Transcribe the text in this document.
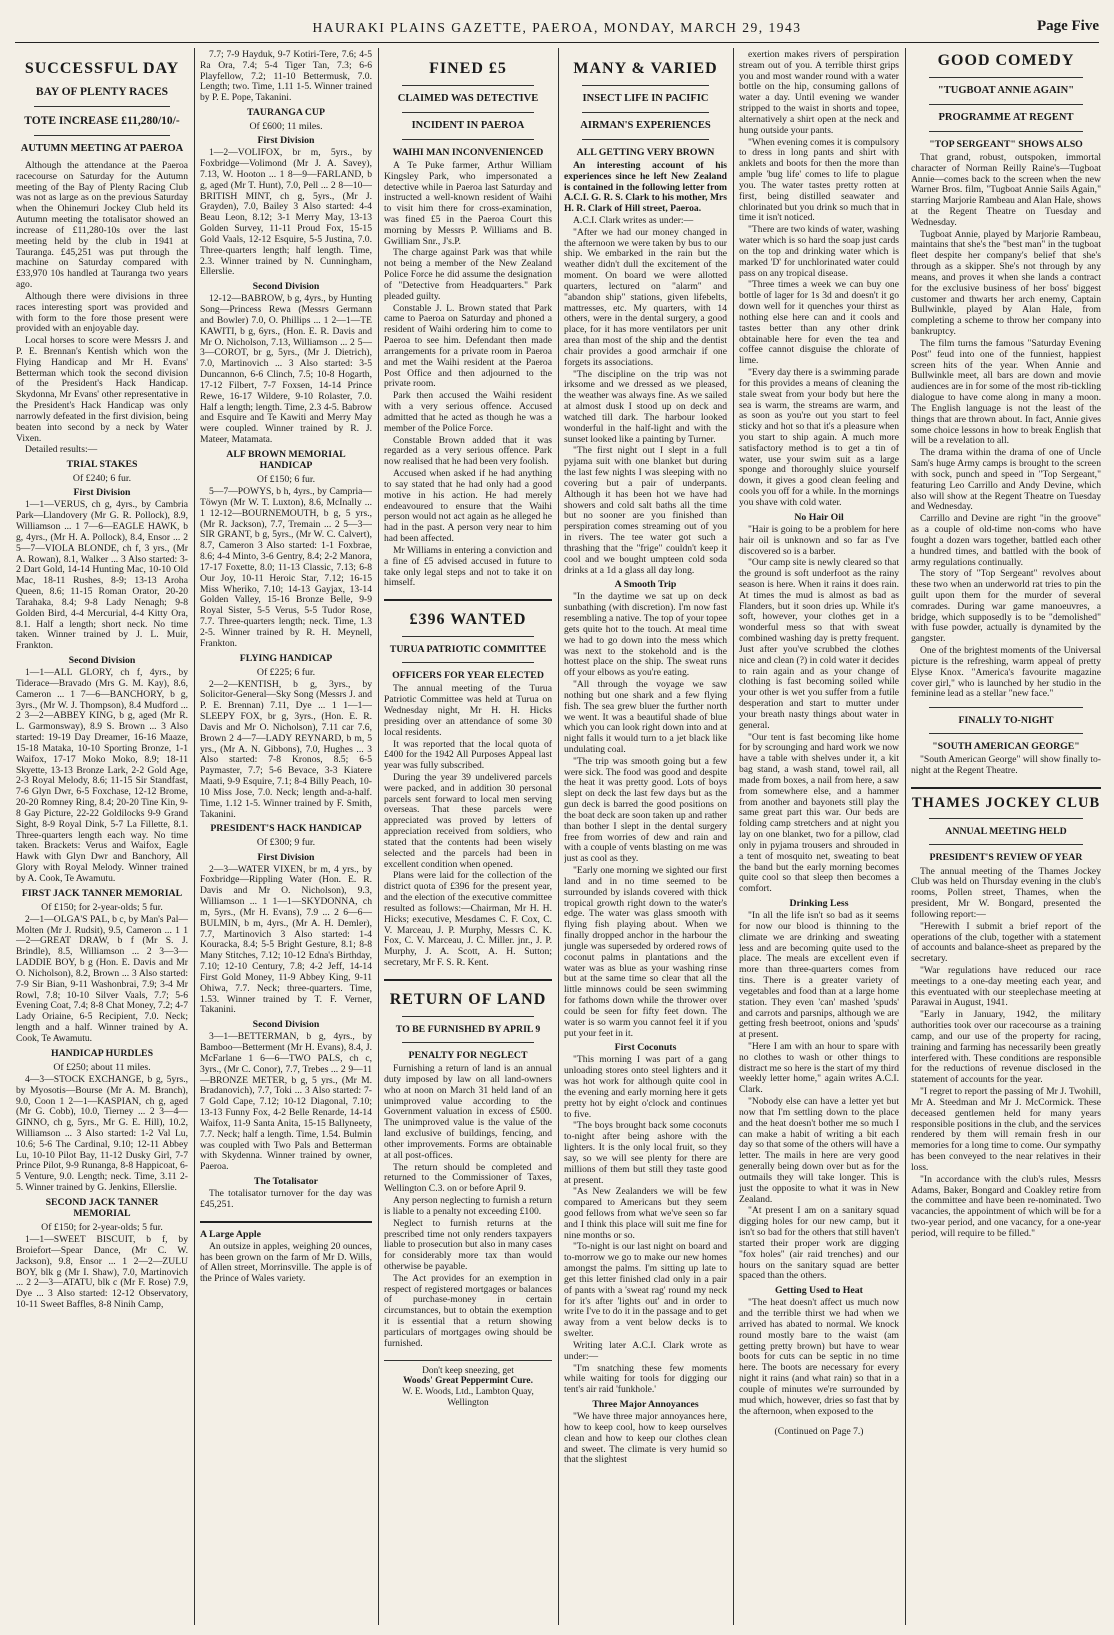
HAURAKI PLAINS GAZETTE, PAEROA, MONDAY, MARCH 29, 1943	Page Five
SUCCESSFUL DAY
BAY OF PLENTY RACES
TOTE INCREASE £11,280/10/-
AUTUMN MEETING AT PAEROA

Although the attendance at the Paeroa racecourse on Saturday for the Autumn meeting of the Bay of Plenty Racing Club was not as large as on the previous Saturday when the Ohinemuri Jockey Club held its Autumn meeting the totalisator showed an increase of £11,280-10s over the last meeting held by the club in 1941 at Tauranga. £45,251 was put through the machine on Saturday compared with £33,970 10s handled at Tauranga two years ago.

Although there were divisions in three races interesting sport was provided and with form to the fore those present were provided with an enjoyable day.

Local horses to score were Messrs J. and P. E. Brennan's Kentish which won the Flying Handicap and Mr H. Evans' Betterman which took the second division of the President's Hack Handicap. Skydonna, Mr Evans' other representative in the President's Hack Handicap was only narrowly defeated in the first division, being beaten into second by a neck by Water Vixen.

Detailed results:—

TRIAL STAKES
Of £240; 6 fur.
First Division

1—1—VERUS, ch g, 4yrs., by Cambria Park—Llandovery (Mr G. R. Pollock), 8.9, Williamson ... 1 7—6—EAGLE HAWK, b g, 4yrs., (Mr H. A. Pollock), 8.4, Ensor ... 2 5—7—VIOLA BLONDE, ch f, 3 yrs., (Mr A. Rowan), 8.1, Walker ... 3 Also started: 3-2 Dart Gold, 14-14 Hunting Mac, 10-10 Old Mac, 18-11 Rushes, 8-9; 13-13 Aroha Queen, 8.6; 11-15 Roman Orator, 20-20 Tarahaka, 8.4; 9-8 Lady Nenagh; 9-8 Golden Bird, 4-4 Mercurial, 4-4 Kitty Ora, 8.1. Half a length; short neck. No time taken. Winner trained by J. L. Muir, Frankton.

Second Division

1—1—ALL GLORY, ch f, 4yrs., by Tiderace—Bravado (Mrs G. M. Kay), 8.6, Cameron ... 1 7—6—BANCHORY, b g, 3yrs., (Mr W. J. Thompson), 8.4 Mudford ... 2 3—2—ABBEY KING, b g, aged (Mr R. L. Garmonsway), 8.9 S. Brown ... 3 Also started: 19-19 Day Dreamer, 16-16 Maaze, 15-18 Mataka, 10-10 Sporting Bronze, 1-1 Waifox, 17-17 Moko Moko, 8.9; 18-11 Skyette, 13-13 Bronze Lark, 2-2 Gold Age, 2-3 Royal Melody, 8.6; 11-15 Sir Standfast, 7-6 Glyn Dwr, 6-5 Foxchase, 12-12 Brome, 20-20 Romney Ring, 8.4; 20-20 Tine Kin, 9-8 Gay Picture, 22-22 Goldilocks 9-9 Grand Sight, 8-9 Royal Dink, 5-7 La Fillette, 8.1. Three-quarters length each way. No time taken. Brackets: Verus and Waifox, Eagle Hawk with Glyn Dwr and Banchory, All Glory with Royal Melody. Winner trained by A. Cook, Te Awamutu.

FIRST JACK TANNER MEMORIAL
Of £150; for 2-year-olds; 5 fur.

2—1—OLGA'S PAL, b c, by Man's Pal—Molten (Mr J. Rudsit), 9.5, Cameron ... 1 1—2—GREAT DRAW, b f (Mr S. J. Brindle), 8.5, Williamson ... 2 3—3—LADDIE BOY, b g (Hon. E. Davis and Mr O. Nicholson), 8.2, Brown ... 3 Also started: 7-9 Sir Bian, 9-11 Washonbrai, 7.9; 3-4 Mr Rowl, 7.8; 10-10 Silver Vaals, 7.7; 5-6 Evening Coat, 7.4; 8-8 Chat Money, 7.2; 4-7 Lady Oriaine, 6-5 Recipient, 7.0. Neck; length and a half. Winner trained by A. Cook, Te Awamutu.

HANDICAP HURDLES
Of £250; about 11 miles.

4—3—STOCK EXCHANGE, b g, 5yrs., by Myosotis—Bourse (Mr A. M. Branch), 9.0, Coon 1 2—1—KASPIAN, ch g, aged (Mr G. Cobb), 10.0, Tierney ... 2 3—4—GINNO, ch g, 5yrs., Mr G. E. Hill), 10.2, Williamson ... 3 Also started: 1-2 Val Lu, 10.6; 5-6 The Cardinal, 9.10; 12-11 Abbey Lu, 10-10 Pilot Bay, 11-12 Dusky Girl, 7-7 Prince Pilot, 9-9 Runanga, 8-8 Happicoat, 6-5 Venture, 9.0. Length; neck. Time, 3.11 2-5. Winner trained by G. Jenkins, Ellerslie.

SECOND JACK TANNER MEMORIAL
Of £150; for 2-year-olds; 5 fur.

1—1—SWEET BISCUIT, b f, by Broiefort—Spear Dance, (Mr C. W. Jackson), 9.8, Ensor ... 1 2—2—ZULU BOY, blk g (Mr I. Shaw), 7.0, Martinovich ... 2 2—3—ATATU, blk c (Mr F. Rose) 7.9, Dye ... 3 Also started: 12-12 Observatory, 10-11 Sweet Baffles, 8-8 Ninih Camp,

7.7; 7-9 Hayduk, 9-7 Kotiri-Tere, 7.6; 4-5 Ra Ora, 7.4; 5-4 Tiger Tan, 7.3; 6-6 Playfellow, 7.2; 11-10 Bettermusk, 7.0. Length; two. Time, 1.11 1-5. Winner trained by P. E. Pope, Takanini.

TAURANGA CUP
Of £600; 11 miles.
First Division

1—2—VOLIFOX, br m, 5yrs., by Foxbridge—Volimond (Mr J. A. Savey), 7.13, W. Hooton ... 1 8—9—FARLAND, b g, aged (Mr T. Hunt), 7.0, Pell ... 2 8—10—BRITISH MINT, ch g, 5yrs., (Mr J. Grayden), 7.0, Bailey 3 Also started: 4-4 Beau Leon, 8.12; 3-1 Merry May, 13-13 Golden Survey, 11-11 Proud Fox, 15-15 Gold Vaals, 12-12 Esquire, 5-5 Justina, 7.0. Three-quarters length; half length. Time, 2.3. Winner trained by N. Cunningham, Ellerslie.

Second Division

12-12—BABROW, b g, 4yrs., by Hunting Song—Princess Rewa (Messrs Germann and Bowler) 7.0, O. Phillips ... 1 2—1—TE KAWITI, b g, 6yrs., (Hon. E. R. Davis and Mr O. Nicholson, 7.13, Williamson ... 2 5—3—COROT, br g, 5yrs., (Mr J. Dietrich), 7.0, Martinovich ... 3 Also started: 3-5 Duncannon, 6-6 Clinch, 7.5; 10-8 Hogarth, 17-12 Filbert, 7-7 Foxsen, 14-14 Prince Rewe, 16-17 Wildere, 9-10 Rolaster, 7.0. Half a length; length. Time, 2.3 4-5. Babrow and Esquire and Te Kawiti and Merry May were coupled. Winner trained by R. J. Mateer, Matamata.

ALF BROWN MEMORIAL HANDICAP
Of £150; 6 fur.

5—7—POWYS, b h, 4yrs., by Campria—Töwyn (Mr W. T. Luxton), 8.6, McInally ... 1 12-12—BOURNEMOUTH, b g, 5 yrs., (Mr R. Jackson), 7.7, Tremain ... 2 5—3—SIR GRANT, b g, 5yrs., (Mr W. C. Calvert), 8.7, Cameron 3 Also started: 1-1 Foxbrae, 8.6; 4-4 Minto, 3-6 Gentry, 8.4; 2-2 Manora, 17-17 Foxette, 8.0; 11-13 Classic, 7.13; 6-8 Our Joy, 10-11 Heroic Star, 7.12; 16-15 Miss Wheriko, 7.10; 14-13 Gayjax, 13-14 Golden Valley, 15-16 Bronze Belle, 9-9 Royal Sister, 5-5 Verus, 5-5 Tudor Rose, 7.7. Three-quarters length; neck. Time, 1.3 2-5. Winner trained by R. H. Meynell, Frankton.

FLYING HANDICAP
Of £225; 6 fur.

2—2—KENTISH, b g, 3yrs., by Solicitor-General—Sky Song (Messrs J. and P. E. Brennan) 7.11, Dye ... 1 1—1—SLEEPY FOX, br g, 3yrs., (Hon. E. R. Davis and Mr O. Nicholson), 7.11 car 7.6, Brown 2 4—7—LADY REYNARD, b m, 5 yrs., (Mr A. N. Gibbons), 7.0, Hughes ... 3 Also started: 7-8 Kronos, 8.5; 6-5 Paymaster, 7.7; 5-6 Bevace, 3-3 Kiatere Maati, 9-9 Esquire, 7.1; 8-4 Billy Peach, 10-10 Miss Jose, 7.0. Neck; length and-a-half. Time, 1.12 1-5. Winner trained by F. Smith, Takanini.

PRESIDENT'S HACK HANDICAP
Of £300; 9 fur.
First Division

2—3—WATER VIXEN, br m, 4 yrs., by Foxbridge—Rippling Water (Hon. E. R. Davis and Mr O. Nicholson), 9.3, Williamson ... 1 1—1—SKYDONNA, ch m, 5yrs., (Mr H. Evans), 7.9 ... 2 6—6—BULMIN, b m, 4yrs., (Mr A. H. Demler), 7.7, Martinovich 3 Also started: 1-4 Kouracka, 8.4; 5-5 Bright Gesture, 8.1; 8-8 Many Stitches, 7.12; 10-12 Edna's Birthday, 7.10; 12-10 Century, 7.8; 4-2 Jeff, 14-14 First Gold Money, 11-9 Abbey King, 9-11 Ohiwa, 7.7. Neck; three-quarters. Time, 1.53. Winner trained by T. F. Verner, Takanini.

Second Division

3—1—BETTERMAN, b g, 4yrs., by Bamboo—Betterment (Mr H. Evans), 8.4, J. McFarlane 1 6—6—TWO PALS, ch c, 3yrs., (Mr C. Conor), 7.7, Trebes ... 2 9—11—BRONZE METER, b g, 5 yrs., (Mr M. Bradanovich), 7.7, Toki ... 3 Also started: 7-7 Gold Cape, 7.12; 10-12 Diagonal, 7.10; 13-13 Funny Fox, 4-2 Belle Renarde, 14-14 Waifox, 11-9 Santa Anita, 15-15 Ballyneety, 7.7. Neck; half a length. Time, 1.54. Bulmin was coupled with Two Pals and Betterman with Skydenna. Winner trained by owner, Paeroa.

The Totalisator

The totalisator turnover for the day was £45,251.

A Large Apple

An outsize in apples, weighing 20 ounces, has been grown on the farm of Mr D. Wills, of Allen street, Morrinsville. The apple is of the Prince of Wales variety.

FINED £5
CLAIMED WAS DETECTIVE
INCIDENT IN PAEROA
WAIHI MAN INCONVENIENCED

A Te Puke farmer, Arthur William Kingsley Park, who impersonated a detective while in Paeroa last Saturday and instructed a well-known resident of Waihi to visit him there for cross-examination, was fined £5 in the Paeroa Court this morning by Messrs P. Williams and B. Gwilliam Snr., J's.P.

The charge against Park was that while not being a member of the New Zealand Police Force he did assume the designation of "Detective from Headquarters." Park pleaded guilty.

Constable J. L. Brown stated that Park came to Paeroa on Saturday and phoned a resident of Waihi ordering him to come to Paeroa to see him. Defendant then made arrangements for a private room in Paeroa and met the Waihi resident at the Paeroa Post Office and then adjourned to the private room.

Park then accused the Waihi resident with a very serious offence. Accused admitted that he acted as though he was a member of the Police Force.

Constable Brown added that it was regarded as a very serious offence. Park now realised that he had been very foolish.

Accused when asked if he had anything to say stated that he had only had a good motive in his action. He had merely endeavoured to ensure that the Waihi person would not act again as he alleged he had in the past. A person very near to him had been affected.

Mr Williams in entering a conviction and a fine of £5 advised accused in future to take only legal steps and not to take it on himself.

£396 WANTED
TURUA PATRIOTIC COMMITTEE
OFFICERS FOR YEAR ELECTED

The annual meeting of the Turua Patriotic Committee was held at Turua on Wednesday night, Mr H. H. Hicks presiding over an attendance of some 30 local residents.

It was reported that the local quota of £400 for the 1942 All Purposes Appeal last year was fully subscribed.

During the year 39 undelivered parcels were packed, and in addition 30 personal parcels sent forward to local men serving overseas. That these parcels were appreciated was proved by letters of appreciation received from soldiers, who stated that the contents had been wisely selected and the parcels had been in excellent condition when opened.

Plans were laid for the collection of the district quota of £396 for the present year, and the election of the executive committee resulted as follows:—Chairman, Mr H. H. Hicks; executive, Mesdames C. F. Cox, C. V. Marceau, J. P. Murphy, Messrs C. K. Fox, C. V. Marceau, J. C. Miller. jnr., J. P. Murphy, J. A. Scott, A. H. Sutton; secretary, Mr F. S. R. Kent.

RETURN OF LAND
TO BE FURNISHED BY APRIL 9
PENALTY FOR NEGLECT

Furnishing a return of land is an annual duty imposed by law on all land-owners who at noon on March 31 held land of an unimproved value according to the Government valuation in excess of £500. The unimproved value is the value of the land exclusive of buildings, fencing, and other improvements. Forms are obtainable at all post-offices.

The return should be completed and returned to the Commissioner of Taxes, Wellington C.3. on or before April 9.

Any person neglecting to furnish a return is liable to a penalty not exceeding £100.

Neglect to furnish returns at the prescribed time not only renders taxpayers liable to prosecution but also in many cases for considerably more tax than would otherwise be payable.

The Act provides for an exemption in respect of registered mortgages or balances of purchase-money in certain circumstances, but to obtain the exemption it is essential that a return showing particulars of mortgages owing should be furnished.

Don't keep sneezing, get
Woods' Great Peppermint Cure.
W. E. Woods, Ltd., Lambton Quay, Wellington
MANY & VARIED
INSECT LIFE IN PACIFIC
AIRMAN'S EXPERIENCES
ALL GETTING VERY BROWN

An interesting account of his experiences since he left New Zealand is contained in the following letter from A.C.I. G. R. S. Clark to his mother, Mrs H. R. Clark of Hill street, Paeroa.

A.C.I. Clark writes as under:—

"After we had our money changed in the afternoon we were taken by bus to our ship. We embarked in the rain but the weather didn't dull the excitement of the moment. On board we were allotted quarters, lectured on "alarm" and "abandon ship" stations, given lifebelts, mattresses, etc. My quarters, with 14 others, were in the dental surgery, a good place, for it has more ventilators per unit area than most of the ship and the dentist chair provides a good armchair if one forgets its associations.

"The discipline on the trip was not irksome and we dressed as we pleased, the weather was always fine. As we sailed at almost dusk I stood up on deck and watched till dark. The harbour looked wonderful in the half-light and with the sunset looked like a painting by Turner.

"The first night out I slept in a full pyjama suit with one blanket but during the last few nights I was sleeping with no covering but a pair of underpants. Although it has been hot we have had showers and cold salt baths all the time but no sooner are you finished than perspiration comes streaming out of you in rivers. The tee water got such a thrashing that the "frige" couldn't keep it cool and we bought umpteen cold soda drinks at a 1d a glass all day long.

A Smooth Trip

"In the daytime we sat up on deck sunbathing (with discretion). I'm now fast resembling a native. The top of your topee gets quite hot to the touch. At meal time we had to go down into the mess which was next to the stokehold and is the hottest place on the ship. The sweat runs off your elbows as you're eating.

"All through the voyage we saw nothing but one shark and a few flying fish. The sea grew bluer the further north we went. It was a beautiful shade of blue which you can look right down into and at night falls it would turn to a jet black like undulating coal.

"The trip was smooth going but a few were sick. The food was good and despite the heat it was pretty good. Lots of boys slept on deck the last few days but as the gun deck is barred the good positions on the boat deck are soon taken up and rather than bother I slept in the dental surgery free from worries of dew and rain and with a couple of vents blasting on me was just as cool as they.

"Early one morning we sighted our first land and in no time seemed to be surrounded by islands covered with thick tropical growth right down to the water's edge. The water was glass smooth with flying fish playing about. When we finally dropped anchor in the harbour the jungle was superseded by ordered rows of coconut palms in plantations and the water was as blue as your washing rinse but at the same time so clear that all the little minnows could be seen swimming for fathoms down while the thrower over could be seen for fifty feet down. The water is so warm you cannot feel it if you put your feet in it.

First Coconuts

"This morning I was part of a gang unloading stores onto steel lighters and it was hot work for although quite cool in the evening and early morning here it gets pretty hot by eight o'clock and continues to five.

"The boys brought back some coconuts to-night after being ashore with the lighters. It is the only local fruit, so they say, so we will see plenty for there are millions of them but still they taste good at present.

"As New Zealanders we will be few compared to Americans but they seem good fellows from what we've seen so far and I think this place will suit me fine for nine months or so.

"To-night is our last night on board and to-morrow we go to make our new homes amongst the palms. I'm sitting up late to get this letter finished clad only in a pair of pants with a 'sweat rag' round my neck for it's after 'lights out' and in order to write I've to do it in the passage and to get away from a vent below decks is to swelter.

Writing later A.C.I. Clark wrote as under:—

"I'm snatching these few moments while waiting for tools for digging our tent's air raid 'funkhole.'

Three Major Annoyances

"We have three major annoyances here, how to keep cool, how to keep ourselves clean and how to keep our clothes clean and sweet. The climate is very humid so that the slightest

exertion makes rivers of perspiration stream out of you. A terrible thirst grips you and most wander round with a water bottle on the hip, consuming gallons of water a day. Until evening we wander stripped to the waist in shorts and topee, alternatively a shirt open at the neck and hung outside your pants.

"When evening comes it is compulsory to dress in long pants and shirt with anklets and boots for then the more than ample 'bug life' comes to life to plague you. The water tastes pretty rotten at first, being distilled seawater and chlorinated but you drink so much that in time it isn't noticed.

"There are two kinds of water, washing water which is so hard the soap just cards on the top and drinking water which is marked 'D' for unchlorinated water could pass on any tropical disease.

"Three times a week we can buy one bottle of lager for 1s 3d and doesn't it go down well for it quenches your thirst as nothing else here can and it cools and tastes better than any other drink obtainable here for even the tea and coffee cannot disguise the chlorate of lime.

"Every day there is a swimming parade for this provides a means of cleaning the stale sweat from your body but here the sea is warm, the streams are warm, and as soon as you're out you start to feel sticky and hot so that it's a pleasure when you start to ship again. A much more satisfactory method is to get a tin of water, use your swim suit as a large sponge and thoroughly sluice yourself down, it gives a good clean feeling and cools you off for a while. In the mornings you shave with cold water.

No Hair Oil

"Hair is going to be a problem for here hair oil is unknown and so far as I've discovered so is a barber.

"Our camp site is newly cleared so that the ground is soft underfoot as the rainy season is here. When it rains it does rain. At times the mud is almost as bad as Flanders, but it soon dries up. While it's soft, however, your clothes get in a wonderful mess so that with sweat combined washing day is pretty frequent. Just after you've scrubbed the clothes nice and clean (?) in cold water it decides to rain again and as your change of clothing is fast becoming soiled while your other is wet you suffer from a futile desperation and start to mutter under your breath nasty things about water in general.

"Our tent is fast becoming like home for by scrounging and hard work we now have a table with shelves under it, a kit bag stand, a wash stand, towel rail, all made from boxes, a nail from here, a saw from somewhere else, and a hammer from another and bayonets still play the same great part this war. Our beds are folding camp stretchers and at night you lay on one blanket, two for a pillow, clad only in pyjama trousers and shrouded in a tent of mosquito net, sweating to beat the band but the early morning becomes quite cool so that sleep then becomes a comfort.

Drinking Less

"In all the life isn't so bad as it seems for now our blood is thinning to the climate we are drinking and sweating less and are becoming quite used to the place. The meals are excellent even if more than three-quarters comes from tins. There is a greater variety of vegetables and food than at a large home station. They even 'can' mashed 'spuds' and carrots and parsnips, although we are getting fresh beetroot, onions and 'spuds' at present.

"Here I am with an hour to spare with no clothes to wash or other things to distract me so here is the start of my third weekly letter home," again writes A.C.I. Clark.

"Nobody else can have a letter yet but now that I'm settling down to the place and the heat doesn't bother me so much I can make a habit of writing a bit each day so that some of the others will have a letter. The mails in here are very good generally being down over but as for the outmails they will take longer. This is just the opposite to what it was in New Zealand.

"At present I am on a sanitary squad digging holes for our new camp, but it isn't so bad for the others that still haven't started their proper work are digging "fox holes" (air raid trenches) and our hours on the sanitary squad are better spaced than the others.

Getting Used to Heat

"The heat doesn't affect us much now and the terrible thirst we had when we arrived has abated to normal. We knock round mostly bare to the waist (am getting pretty brown) but have to wear boots for cuts can be septic in no time here. The boots are necessary for every night it rains (and what rain) so that in a couple of minutes we're surrounded by mud which, however, dries so fast that by the afternoon, when exposed to the

(Continued on Page 7.)

GOOD COMEDY
"TUGBOAT ANNIE AGAIN"
PROGRAMME AT REGENT
"TOP SERGEANT" SHOWS ALSO

That grand, robust, outspoken, immortal character of Norman Reilly Raine's—Tugboat Annie—comes back to the screen when the new Warner Bros. film, "Tugboat Annie Sails Again," starring Marjorie Rambeau and Alan Hale, shows at the Regent Theatre on Tuesday and Wednesday.

Tugboat Annie, played by Marjorie Rambeau, maintains that she's the "best man" in the tugboat fleet despite her company's belief that she's through as a skipper. She's not through by any means, and proves it when she lands a contract for the exclusive business of her boss' biggest customer and thwarts her arch enemy, Captain Bullwinkle, played by Alan Hale, from completing a scheme to throw her company into bankruptcy.

The film turns the famous "Saturday Evening Post" feud into one of the funniest, happiest screen hits of the year. When Annie and Bullwinkle meet, all bars are down and movie audiences are in for some of the most rib-tickling dialogue to have come along in many a moon. The English language is not the least of the things that are thrown about. In fact, Annie gives some choice lessons in how to break English that will be a revelation to all.

The drama within the drama of one of Uncle Sam's huge Army camps is brought to the screen with sock, punch and speed in "Top Sergeant," featuring Leo Carrillo and Andy Devine, which also will show at the Regent Theatre on Tuesday and Wednesday.

Carrillo and Devine are right "in the groove" as a couple of old-time non-coms who have fought a dozen wars together, battled each other a hundred times, and battled with the book of army regulations continually.

The story of "Top Sergeant" revolves about these two when an underworld rat tries to pin the guilt upon them for the murder of several comrades. During war game manoeuvres, a bridge, which supposedly is to be "demolished" with fuse powder, actually is dynamited by the gangster.

One of the brightest moments of the Universal picture is the refreshing, warm appeal of pretty Elyse Knox. "America's favourite magazine cover girl," who is launched by her studio in the feminine lead as a stellar "new face."

FINALLY TO-NIGHT
"SOUTH AMERICAN GEORGE"

"South American George" will show finally to-night at the Regent Theatre.

THAMES JOCKEY CLUB
ANNUAL MEETING HELD
PRESIDENT'S REVIEW OF YEAR

The annual meeting of the Thames Jockey Club was held on Thursday evening in the club's rooms, Pollen street, Thames, when the president, Mr W. Bongard, presented the following report:—

"Herewith I submit a brief report of the operations of the club, together with a statement of accounts and balance-sheet as prepared by the secretary.

"War regulations have reduced our race meetings to a one-day meeting each year, and this eventuated with our steeplechase meeting at Parawai in August, 1941.

"Early in January, 1942, the military authorities took over our racecourse as a training camp, and our use of the property for racing, training and farming has necessarily been greatly interfered with. These conditions are responsible for the reductions of revenue disclosed in the statement of accounts for the year.

"I regret to report the passing of Mr J. Twohill, Mr A. Steedman and Mr J. McCormick. These deceased gentlemen held for many years responsible positions in the club, and the services rendered by them will remain fresh in our memories for a long time to come. Our sympathy has been conveyed to the near relatives in their loss.

"In accordance with the club's rules, Messrs Adams, Baker, Bongard and Coakley retire from the committee and have been re-nominated. Two vacancies, the appointment of which will be for a two-year period, and one vacancy, for a one-year period, will require to be filled."
